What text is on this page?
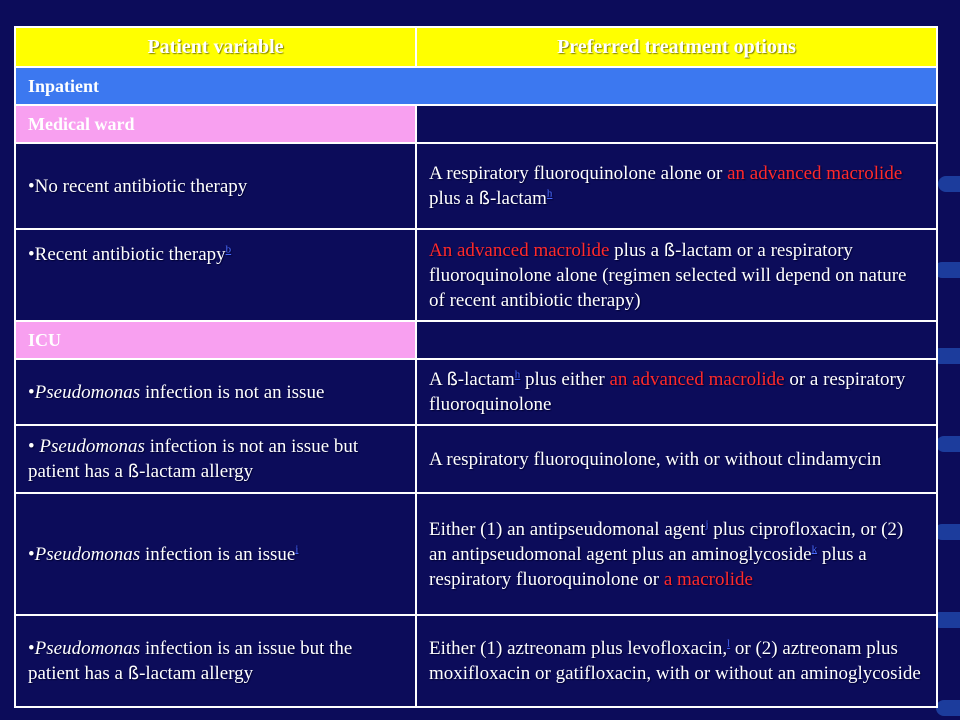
Patient variable	Preferred treatment options
Inpatient	
Medical ward	
•No recent antibiotic therapy	A respiratory fluoroquinolone alone or an advanced macrolide plus a ß-lactam$^h$
•Recent antibiotic therapy$^b$	An advanced macrolide plus a ß-lactam or a respiratory fluoroquinolone alone (regimen selected will depend on nature of recent antibiotic therapy)
ICU	
•Pseudomonas infection is not an issue	A ß-lactam$^h$ plus either an advanced macrolide or a respiratory fluoroquinolone
• Pseudomonas infection is not an issue but patient has a ß-lactam allergy	A respiratory fluoroquinolone, with or without clindamycin
•Pseudomonas infection is an issue$^i$	Either (1) an antipseudomonal agent$^j$ plus ciprofloxacin, or (2) an antipseudomonal agent plus an aminoglycoside$^k$ plus a respiratory fluoroquinolone or a macrolide
•Pseudomonas infection is an issue but the patient has a ß-lactam allergy	Either (1) aztreonam plus levofloxacin,$^l$ or (2) aztreonam plus moxifloxacin or gatifloxacin, with or without an aminoglycoside
